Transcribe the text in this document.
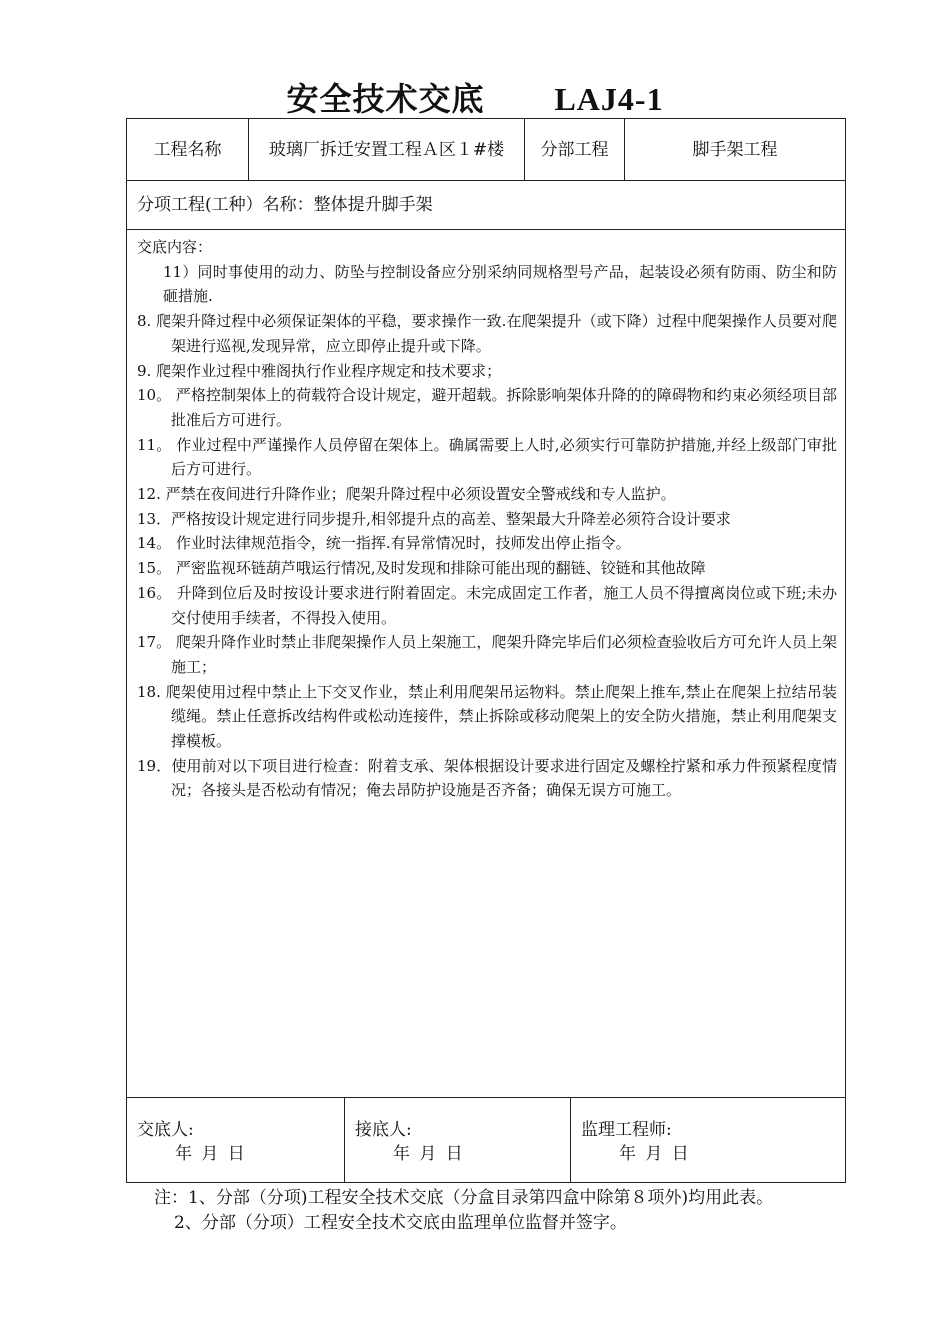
安全技术交底 LAJ4-1
工程名称	玻璃厂拆迁安置工程Ａ区１#楼	分部工程	脚手架工程
分项工程(工种）名称：整体提升脚手架

交底内容：

11）同时事使用的动力、防坠与控制设备应分别采纳同规格型号产品，起装设必须有防雨、防尘和防砸措施.

8. 爬架升降过程中必须保证架体的平稳，要求操作一致.在爬架提升（或下降）过程中爬架操作人员要对爬架进行巡视,发现异常，应立即停止提升或下降。

9. 爬架作业过程中雅阁执行作业程序规定和技术要求；

10。 严格控制架体上的荷载符合设计规定，避开超载。拆除影响架体升降的的障碍物和约束必须经项目部批准后方可进行。

11。 作业过程中严谨操作人员停留在架体上。确属需要上人时,必须实行可靠防护措施,并经上级部门审批后方可进行。

12. 严禁在夜间进行升降作业；爬架升降过程中必须设置安全警戒线和专人监护。

13．严格按设计规定进行同步提升,相邻提升点的高差、整架最大升降差必须符合设计要求

14。 作业时法律规范指令，统一指挥.有异常情况时，技师发出停止指令。

15。 严密监视环链葫芦哦运行情况,及时发现和排除可能出现的翻链、铰链和其他故障

16。 升降到位后及时按设计要求进行附着固定。未完成固定工作者，施工人员不得擅离岗位或下班;未办交付使用手续者，不得投入使用。

17。 爬架升降作业时禁止非爬架操作人员上架施工，爬架升降完毕后们必须检查验收后方可允许人员上架施工；

18. 爬架使用过程中禁止上下交叉作业，禁止利用爬架吊运物料。禁止爬架上推车,禁止在爬架上拉结吊装缆绳。禁止任意拆改结构件或松动连接件，禁止拆除或移动爬架上的安全防火措施，禁止利用爬架支撑模板。

19．使用前对以下项目进行检查：附着支承、架体根据设计要求进行固定及螺栓拧紧和承力件预紧程度情况；各接头是否松动有情况；俺去昂防护设施是否齐备；确保无误方可施工。

交底人:
年 月 日
接底人:
年 月 日
监理工程师:
年 月 日

注：1、分部（分项)工程安全技术交底（分盒目录第四盒中除第８项外)均用此表。

2、分部（分项）工程安全技术交底由监理单位监督并签字。
